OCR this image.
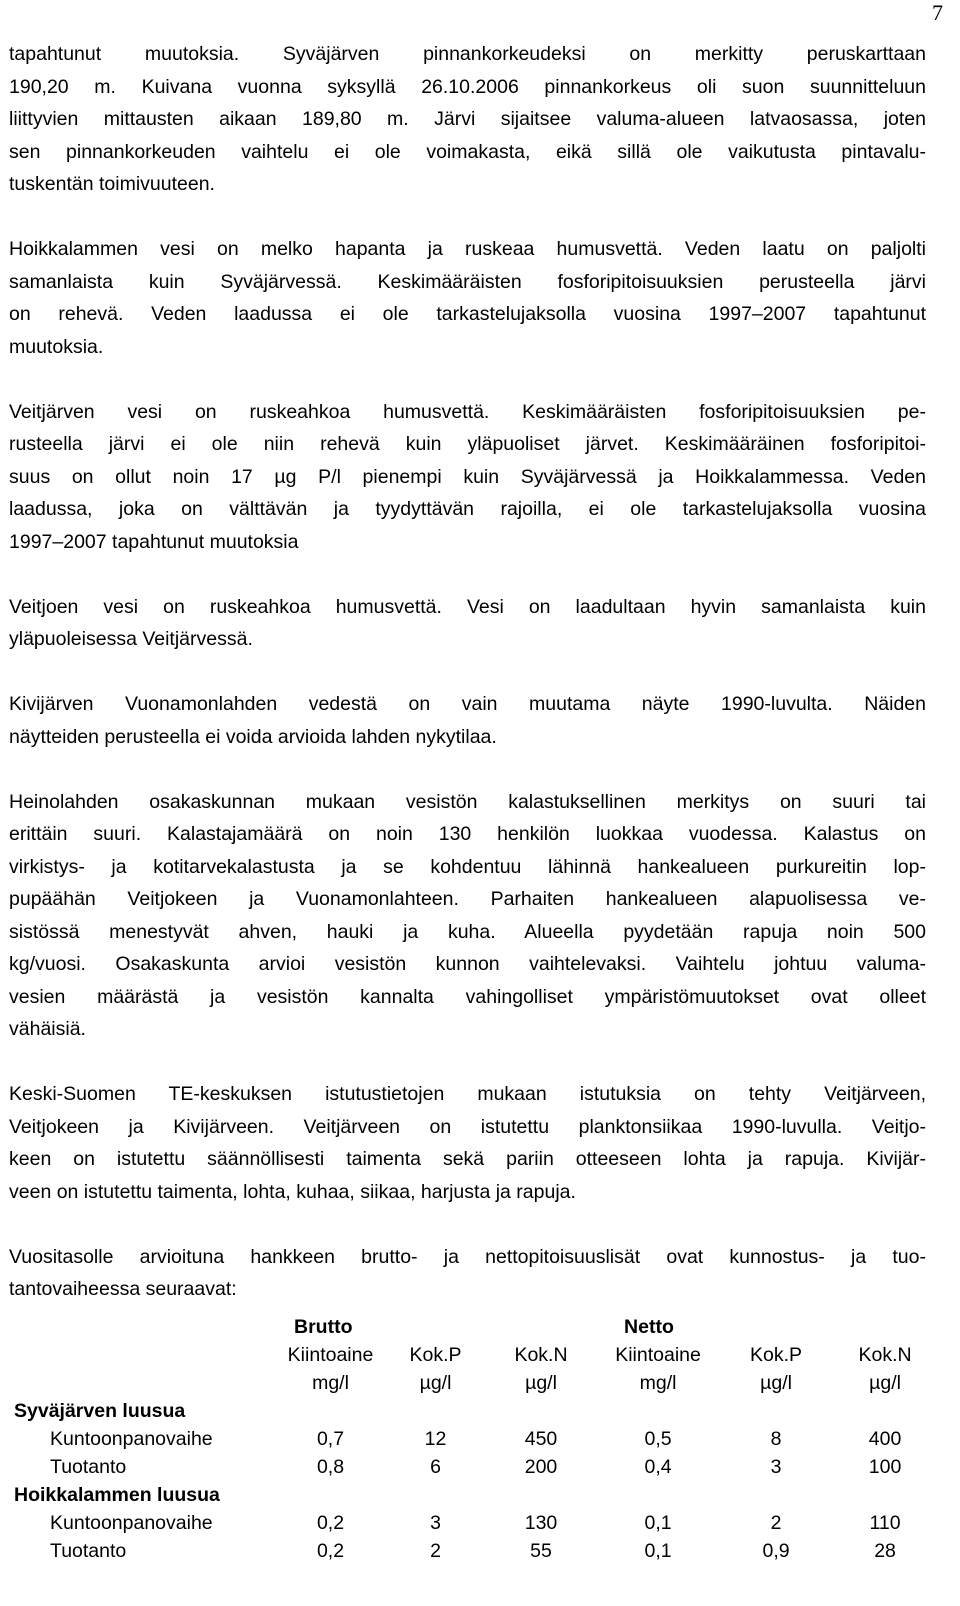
7
tapahtunut muutoksia. Syväjärven pinnankorkeudeksi on merkitty peruskarttaan
190,20 m. Kuivana vuonna syksyllä 26.10.2006 pinnankorkeus oli suon suunnitteluun
liittyvien mittausten aikaan 189,80 m. Järvi sijaitsee valuma-alueen latvaosassa, joten
sen pinnankorkeuden vaihtelu ei ole voimakasta, eikä sillä ole vaikutusta pintavalu-
tuskentän toimivuuteen.
Hoikkalammen vesi on melko hapanta ja ruskeaa humusvettä. Veden laatu on paljolti
samanlaista kuin Syväjärvessä. Keskimääräisten fosforipitoisuuksien perusteella järvi
on rehevä. Veden laadussa ei ole tarkastelujaksolla vuosina 1997–2007 tapahtunut
muutoksia.
Veitjärven vesi on ruskeahkoa humusvettä. Keskimääräisten fosforipitoisuuksien pe-
rusteella järvi ei ole niin rehevä kuin yläpuoliset järvet. Keskimääräinen fosforipitoi-
suus on ollut noin 17 µg P/l pienempi kuin Syväjärvessä ja Hoikkalammessa. Veden
laadussa, joka on välttävän ja tyydyttävän rajoilla, ei ole tarkastelujaksolla vuosina
1997–2007 tapahtunut muutoksia
Veitjoen vesi on ruskeahkoa humusvettä. Vesi on laadultaan hyvin samanlaista kuin
yläpuoleisessa Veitjärvessä.
Kivijärven Vuonamonlahden vedestä on vain muutama näyte 1990-luvulta. Näiden
näytteiden perusteella ei voida arvioida lahden nykytilaa.
Heinolahden osakaskunnan mukaan vesistön kalastuksellinen merkitys on suuri tai
erittäin suuri. Kalastajamäärä on noin 130 henkilön luokkaa vuodessa. Kalastus on
virkistys- ja kotitarvekalastusta ja se kohdentuu lähinnä hankealueen purkureitin lop-
pupäähän Veitjokeen ja Vuonamonlahteen. Parhaiten hankealueen alapuolisessa ve-
sistössä menestyvät ahven, hauki ja kuha. Alueella pyydetään rapuja noin 500
kg/vuosi. Osakaskunta arvioi vesistön kunnon vaihtelevaksi. Vaihtelu johtuu valuma-
vesien määrästä ja vesistön kannalta vahingolliset ympäristömuutokset ovat olleet
vähäisiä.
Keski-Suomen TE-keskuksen istutustietojen mukaan istutuksia on tehty Veitjärveen,
Veitjokeen ja Kivijärveen. Veitjärveen on istutettu planktonsiikaa 1990-luvulla. Veitjo-
keen on istutettu säännöllisesti taimenta sekä pariin otteeseen lohta ja rapuja. Kivijär-
veen on istutettu taimenta, lohta, kuhaa, siikaa, harjusta ja rapuja.
Vuositasolle arvioituna hankkeen brutto- ja nettopitoisuuslisät ovat kunnostus- ja tuo-
tantovaiheessa seuraavat:
	Brutto			Netto		
	Kiintoaine	Kok.P	Kok.N	Kiintoaine	Kok.P	Kok.N
	mg/l	µg/l	µg/l	mg/l	µg/l	µg/l
Syväjärven luusua						
Kuntoonpanovaihe	0,7	12	450	0,5	8	400
Tuotanto	0,8	6	200	0,4	3	100
Hoikkalammen luusua						
Kuntoonpanovaihe	0,2	3	130	0,1	2	110
Tuotanto	0,2	2	55	0,1	0,9	28
